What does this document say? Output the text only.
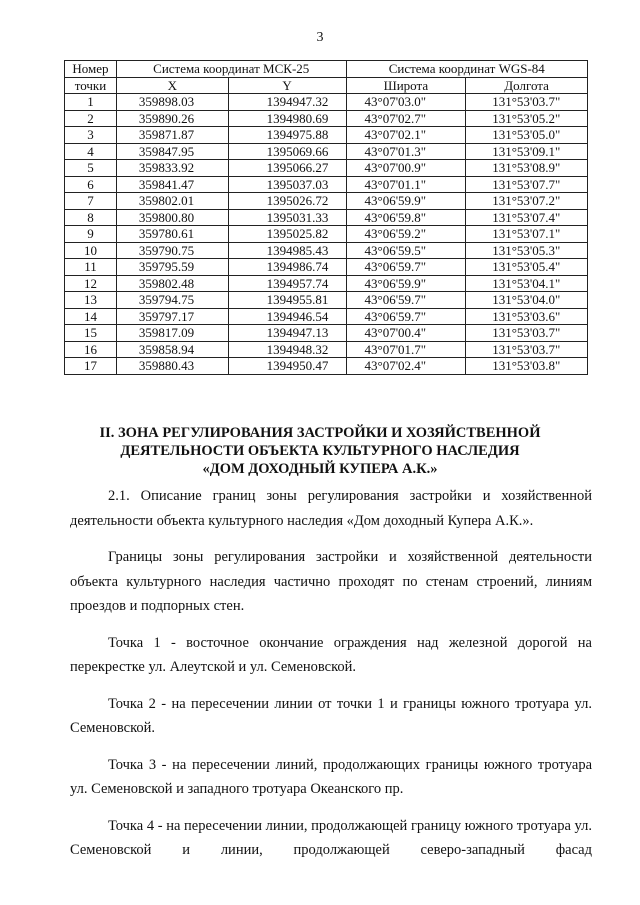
3
Номер	Система координат МСК-25		Система координат WGS-84	
точки	X	Y	Широта	Долгота
1	359898.03	1394947.32	43°07'03.0"	131°53'03.7"
2	359890.26	1394980.69	43°07'02.7"	131°53'05.2"
3	359871.87	1394975.88	43°07'02.1"	131°53'05.0"
4	359847.95	1395069.66	43°07'01.3"	131°53'09.1"
5	359833.92	1395066.27	43°07'00.9"	131°53'08.9"
6	359841.47	1395037.03	43°07'01.1"	131°53'07.7"
7	359802.01	1395026.72	43°06'59.9"	131°53'07.2"
8	359800.80	1395031.33	43°06'59.8"	131°53'07.4"
9	359780.61	1395025.82	43°06'59.2"	131°53'07.1"
10	359790.75	1394985.43	43°06'59.5"	131°53'05.3"
11	359795.59	1394986.74	43°06'59.7"	131°53'05.4"
12	359802.48	1394957.74	43°06'59.9"	131°53'04.1"
13	359794.75	1394955.81	43°06'59.7"	131°53'04.0"
14	359797.17	1394946.54	43°06'59.7"	131°53'03.6"
15	359817.09	1394947.13	43°07'00.4"	131°53'03.7"
16	359858.94	1394948.32	43°07'01.7"	131°53'03.7"
17	359880.43	1394950.47	43°07'02.4"	131°53'03.8"
II. ЗОНА РЕГУЛИРОВАНИЯ ЗАСТРОЙКИ И ХОЗЯЙСТВЕННОЙ
ДЕЯТЕЛЬНОСТИ ОБЪЕКТА КУЛЬТУРНОГО НАСЛЕДИЯ
«ДОМ ДОХОДНЫЙ КУПЕРА А.К.»

2.1. Описание границ зоны регулирования застройки и хозяйственной деятельности объекта культурного наследия «Дом доходный Купера А.К.».

Границы зоны регулирования застройки и хозяйственной деятельности объекта культурного наследия частично проходят по стенам строений, линиям проездов и подпорных стен.

Точка 1 - восточное окончание ограждения над железной дорогой на перекрестке ул. Алеутской и ул. Семеновской.

Точка 2 - на пересечении линии от точки 1 и границы южного тротуара ул. Семеновской.

Точка 3 - на пересечении линий, продолжающих границы южного тротуара ул. Семеновской и западного тротуара Океанского пр.

Точка 4 - на пересечении линии, продолжающей границу южного тротуара ул. Семеновской и линии, продолжающей северо-западный фасад
